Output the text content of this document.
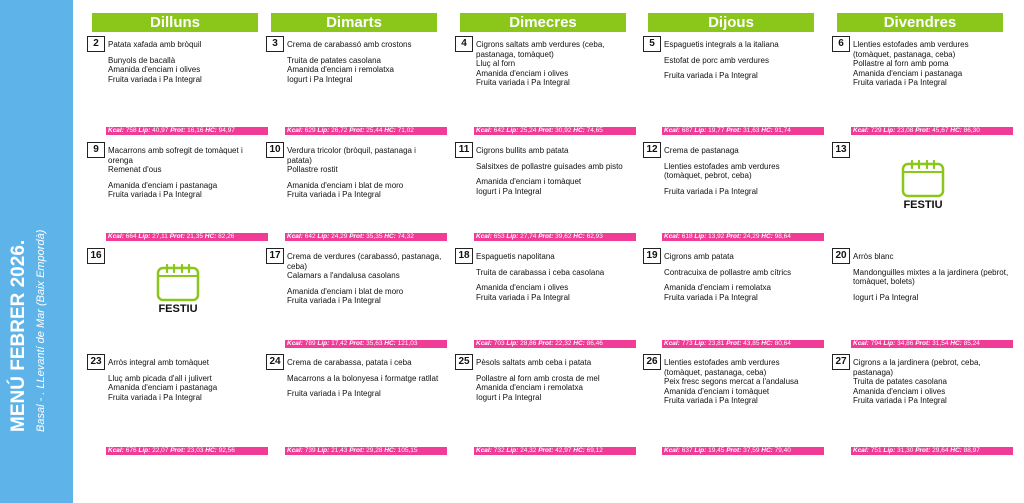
MENÚ FEBRER 2026. Basal - . LLevantí de Mar (Baix Empordà)
Dilluns	Dimarts	Dimecres	Dijous	Divendres
2	Patata xafada amb bròquil
Bunyols de bacallà
Amanida d'enciam i olives
Fruita variada i Pa Integral
Kcal: 758 Lip: 40,97 Prot: 16,16 HC: 94,97
3	Crema de carabassó amb crostons
Truita de patates casolana
Amanida d'enciam i remolatxa
Iogurt i Pa Integral
Kcal: 629 Lip: 26,72 Prot: 25,44 HC: 71,02
4	Cigrons saltats amb verdures (ceba,
pastanaga, tomàquet)
Lluç al forn
Amanida d'enciam i olives
Fruita variada i Pa Integral
Kcal: 642 Lip: 25,24 Prot: 30,92 HC: 74,65
5	Espaguetis integrals a la italiana
Estofat de porc amb verdures
Fruita variada i Pa Integral
Kcal: 687 Lip: 19,77 Prot: 31,63 HC: 91,74
6	Llenties estofades amb verdures
(tomàquet, pastanaga, ceba)
Pollastre al forn amb poma
Amanida d'enciam i pastanaga
Fruita variada i Pa Integral
Kcal: 729 Lip: 23,08 Prot: 45,67 HC: 86,30
9	Macarrons amb sofregit de tomàquet i
orenga
Remenat d'ous
Amanida d'enciam i pastanaga
Fruita variada i Pa Integral
Kcal: 664 Lip: 27,11 Prot: 21,35 HC: 82,26
10 Verdura tricolor (bròquil, pastanaga i
patata)
Pollastre rostit
Amanida d'enciam i blat de moro
Fruita variada i Pa Integral
Kcal: 642 Lip: 24,29 Prot: 35,35 HC: 74,32
11 Cigrons bullits amb patata
Salsitxes de pollastre guisades amb pisto
Amanida d'enciam i tomàquet
Iogurt i Pa Integral
Kcal: 653 Lip: 27,74 Prot: 39,62 HC: 62,93
12 Crema de pastanaga
Llenties estofades amb verdures
(tomàquet, pebrot, ceba)
Fruita variada i Pa Integral
Kcal: 618 Lip: 13,92 Prot: 24,29 HC: 98,64
13
FESTIU
16
FESTIU
17 Crema de verdures (carabassó, pastanaga,
ceba)
Calamars a l'andalusa casolans
Amanida d'enciam i blat de moro
Fruita variada i Pa Integral
Kcal: 789 Lip: 17,42 Prot: 35,63 HC: 121,03
18 Espaguetis napolitana
Truita de carabassa i ceba casolana
Amanida d'enciam i olives
Fruita variada i Pa Integral
Kcal: 703 Lip: 28,86 Prot: 22,32 HC: 86,46
19 Cigrons amb patata
Contracuixa de pollastre amb cítrics
Amanida d'enciam i remolatxa
Fruita variada i Pa Integral
Kcal: 773 Lip: 23,81 Prot: 43,85 HC: 80,64
20 Arròs blanc
Mandonguilles mixtes a la jardinera (pebrot,
tomàquet, bolets)
Iogurt i Pa Integral
Kcal: 794 Lip: 34,86 Prot: 31,54 HC: 85,24
23 Arròs integral amb tomàquet
Lluç amb picada d'all i julivert
Amanida d'enciam i pastanaga
Fruita variada i Pa Integral
Kcal: 676 Lip: 22,07 Prot: 23,03 HC: 92,56
24 Crema de carabassa, patata i ceba
Macarrons a la bolonyesa i formatge ratllat
Fruita variada i Pa Integral
Kcal: 739 Lip: 21,43 Prot: 29,28 HC: 105,15
25 Pèsols saltats amb ceba i patata
Pollastre al forn amb crosta de mel
Amanida d'enciam i remolatxa
Iogurt i Pa Integral
Kcal: 732 Lip: 24,32 Prot: 42,97 HC: 69,12
26 Llenties estofades amb verdures
(tomàquet, pastanaga, ceba)
Peix fresc segons mercat a l'andalusa
Amanida d'enciam i tomàquet
Fruita variada i Pa Integral
Kcal: 637 Lip: 19,45 Prot: 37,59 HC: 79,40
27 Cigrons a la jardinera (pebrot, ceba,
pastanaga)
Truita de patates casolana
Amanida d'enciam i olives
Fruita variada i Pa Integral
Kcal: 751 Lip: 31,30 Prot: 29,64 HC: 88,97
